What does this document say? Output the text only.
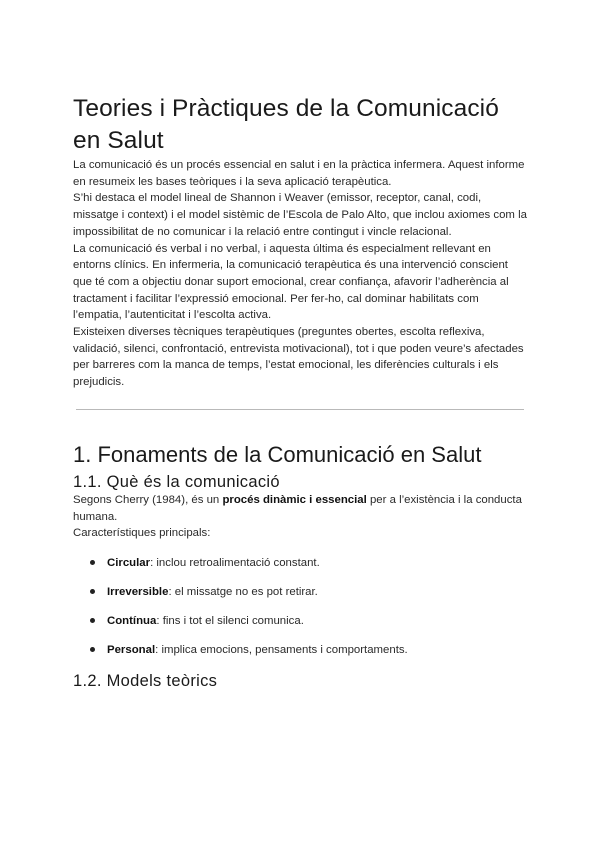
Teories i Pràctiques de la Comunicació en Salut

La comunicació és un procés essencial en salut i en la pràctica infermera. Aquest informe en resumeix les bases teòriques i la seva aplicació terapèutica.
S’hi destaca el model lineal de Shannon i Weaver (emissor, receptor, canal, codi, missatge i context) i el model sistèmic de l’Escola de Palo Alto, que inclou axiomes com la impossibilitat de no comunicar i la relació entre contingut i vincle relacional.

La comunicació és verbal i no verbal, i aquesta última és especialment rellevant en entorns clínics. En infermeria, la comunicació terapèutica és una intervenció conscient que té com a objectiu donar suport emocional, crear confiança, afavorir l’adherència al tractament i facilitar l’expressió emocional. Per fer-ho, cal dominar habilitats com l’empatia, l’autenticitat i l’escolta activa.

Existeixen diverses tècniques terapèutiques (preguntes obertes, escolta reflexiva, validació, silenci, confrontació, entrevista motivacional), tot i que poden veure’s afectades per barreres com la manca de temps, l’estat emocional, les diferències culturals i els prejudicis.

1. Fonaments de la Comunicació en Salut
1.1. Què és la comunicació

Segons Cherry (1984), és un procés dinàmic i essencial per a l’existència i la conducta humana.

Característiques principals:

Circular: inclou retroalimentació constant.
Irreversible: el missatge no es pot retirar.
Contínua: fins i tot el silenci comunica.
Personal: implica emocions, pensaments i comportaments.
1.2. Models teòrics
